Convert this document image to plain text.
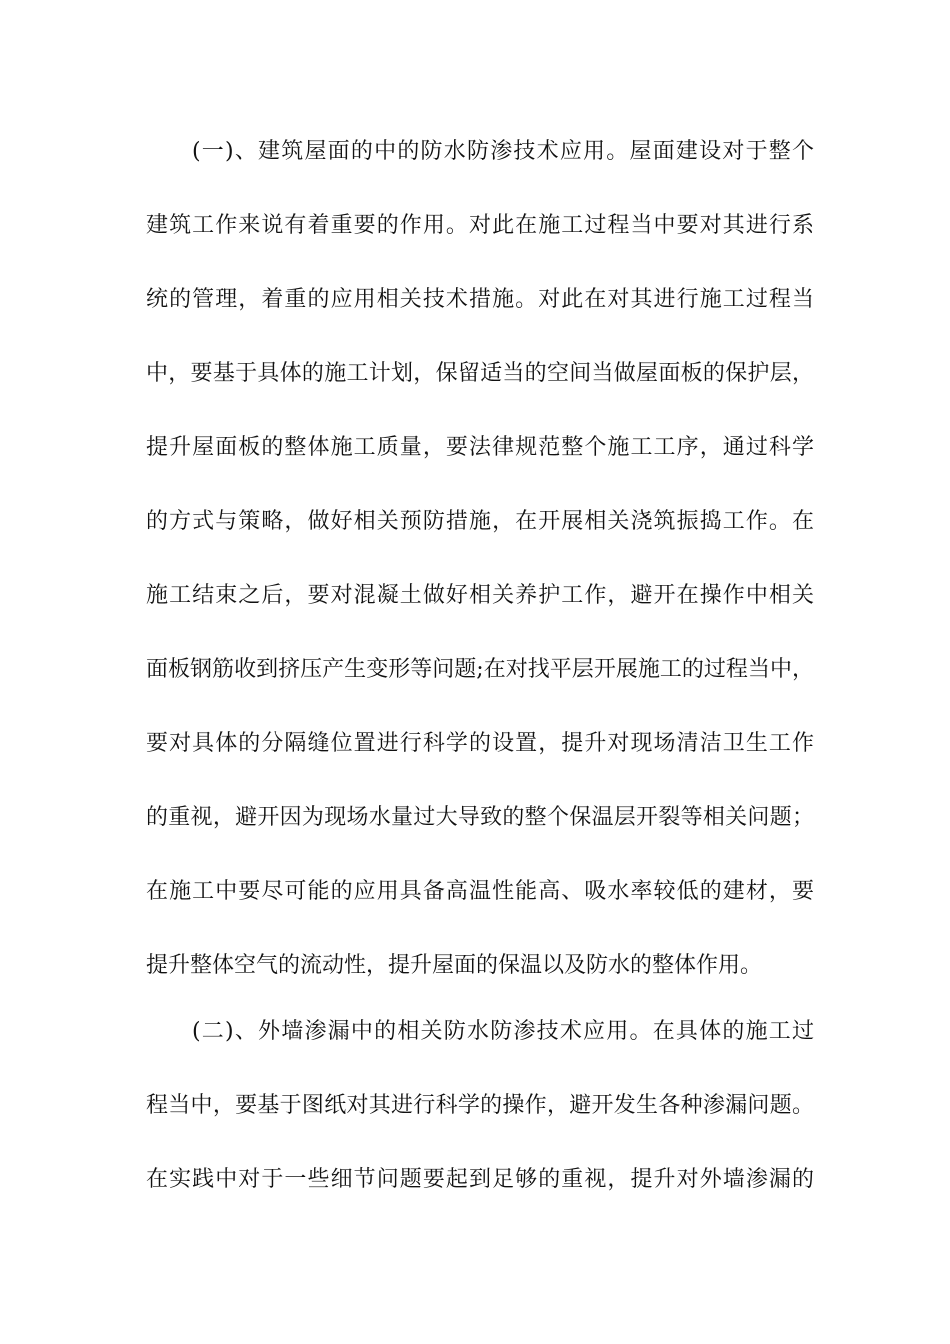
(一)、建筑屋面的中的防水防渗技术应用。屋面建设对于整个
建筑工作来说有着重要的作用。对此在施工过程当中要对其进行系
统的管理，着重的应用相关技术措施。对此在对其进行施工过程当
中，要基于具体的施工计划，保留适当的空间当做屋面板的保护层，
提升屋面板的整体施工质量，要法律规范整个施工工序，通过科学
的方式与策略，做好相关预防措施，在开展相关浇筑振捣工作。在
施工结束之后，要对混凝土做好相关养护工作，避开在操作中相关
面板钢筋收到挤压产生变形等问题;在对找平层开展施工的过程当中，
要对具体的分隔缝位置进行科学的设置，提升对现场清洁卫生工作
的重视，避开因为现场水量过大导致的整个保温层开裂等相关问题；
在施工中要尽可能的应用具备高温性能高、吸水率较低的建材，要
提升整体空气的流动性，提升屋面的保温以及防水的整体作用。
(二)、外墙渗漏中的相关防水防渗技术应用。在具体的施工过
程当中，要基于图纸对其进行科学的操作，避开发生各种渗漏问题。
在实践中对于一些细节问题要起到足够的重视，提升对外墙渗漏的
